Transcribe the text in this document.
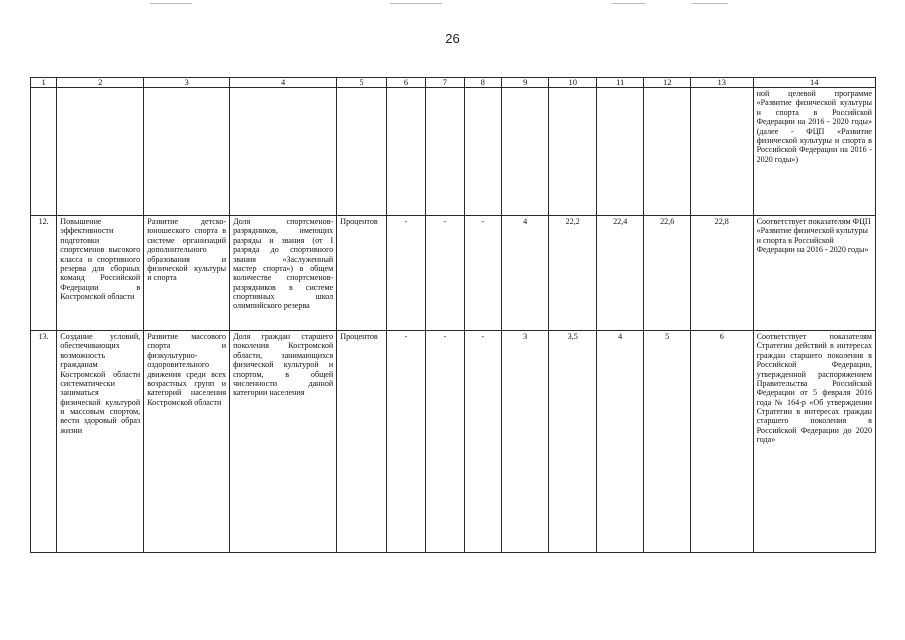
26
1	2	3	4	5	6	7	8	9	10	11	12	13	14
													ной целевой программе «Развитие физической культуры и спорта в Российской Федерации на 2016 - 2020 годы» (далее - ФЦП «Развитие физической культуры и спорта в Российской Федерации на 2016 - 2020 годы»)
12.	Повышение эффективности подготовки спортсменов высокого класса и спортивного резерва для сборных команд Российской Федерации в Костромской области	Развитие детско-юношеского спорта в системе организаций дополнительного образования и физической культуры и спорта	Доля спортсменов-разрядников, имеющих разряды и звания (от I разряда до спортивного звания «Заслуженный мастер спорта») в общем количестве спортсменов-разрядников в системе спортивных школ олимпийского резерва	Процентов	-	-	-	4	22,2	22,4	22,6	22,8	Соответствует показателям ФЦП «Развитие физической культуры и спорта в Российской Федерации на 2016 - 2020 годы»
13.	Создание условий, обеспечивающих возможность гражданам Костромской области систематически заниматься физической культурой и массовым спортом, вести здоровый образ жизни	Развитие массового спорта и физкультурно-оздоровительного движения среди всех возрастных групп и категорий населения Костромской области	Доля граждан старшего поколения Костромской области, занимающихся физической культурой и спортом, в общей численности данной категории населения	Процентов	-	-	-	3	3,5	4	5	6	Соответствует показателям Стратегии действий в интересах граждан старшего поколения в Российской Федерации, утвержденной распоряжением Правительства Российской Федерации от 5 февраля 2016 года № 164-р «Об утверждении Стратегии в интересах граждан старшего поколения в Российской Федерации до 2020 года»
